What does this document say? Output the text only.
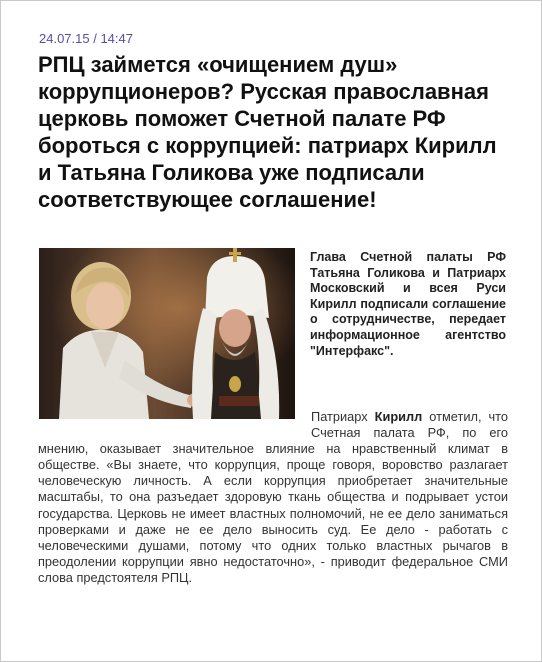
24.07.15 / 14:47
РПЦ займется «очищением душ» коррупционеров? Русская православная церковь поможет Счетной палате РФ бороться с коррупцией: патриарх Кирилл и Татьяна Голикова уже подписали соответствующее соглашение!

Глава Счетной палаты РФ Татьяна Голикова и Патриарх Московский и всея Руси Кирилл подписали соглашение о сотрудничестве, передает информационное агентство "Интерфакс".

Патриарх Кирилл отметил, что Счетная палата РФ, по его мнению, оказывает значительное влияние на нравственный климат в обществе. «Вы знаете, что коррупция, проще говоря, воровство разлагает человеческую личность. А если коррупция приобретает значительные масштабы, то она разъедает здоровую ткань общества и подрывает устои государства. Церковь не имеет властных полномочий, не ее дело заниматься проверками и даже не ее дело выносить суд. Ее дело - работать с человеческими душами, потому что одних только властных рычагов в преодолении коррупции явно недостаточно», - приводит федеральное СМИ слова предстоятеля РПЦ.
